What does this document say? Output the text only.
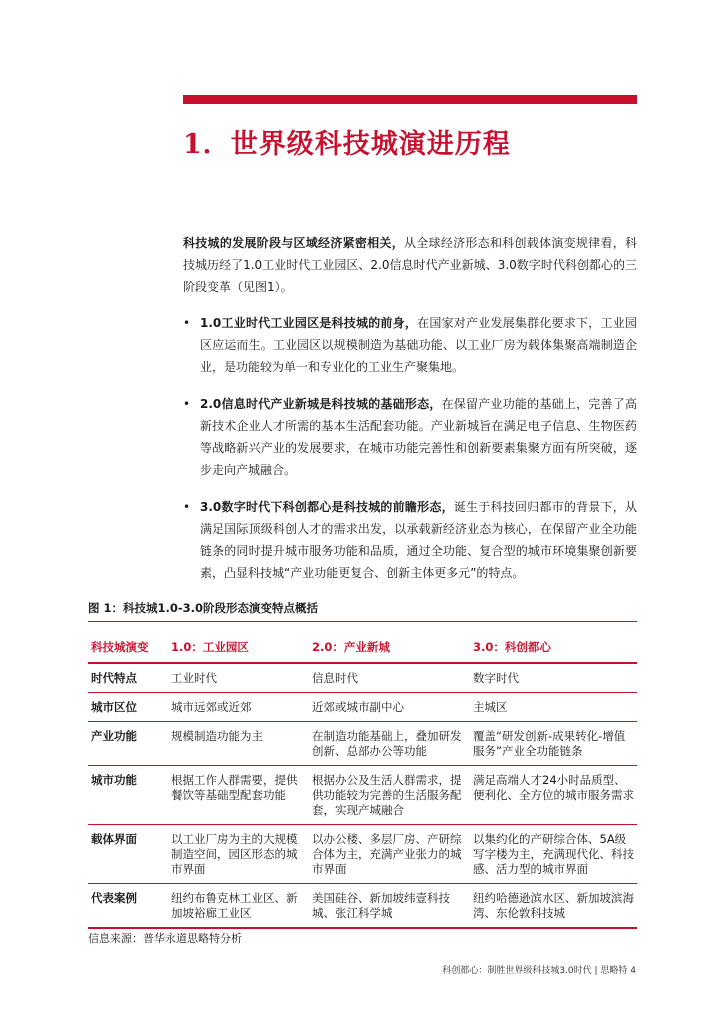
1．世界级科技城演进历程

科技城的发展阶段与区域经济紧密相关，从全球经济形态和科创载体演变规律看，科技城历经了1.0工业时代工业园区、2.0信息时代产业新城、3.0数字时代科创都心的三阶段变革（见图1）。

• 1.0工业时代工业园区是科技城的前身，在国家对产业发展集群化要求下，工业园区应运而生。工业园区以规模制造为基础功能、以工业厂房为载体集聚高端制造企业，是功能较为单一和专业化的工业生产聚集地。
• 2.0信息时代产业新城是科技城的基础形态，在保留产业功能的基础上，完善了高新技术企业人才所需的基本生活配套功能。产业新城旨在满足电子信息、生物医药等战略新兴产业的发展要求，在城市功能完善性和创新要素集聚方面有所突破，逐步走向产城融合。
• 3.0数字时代下科创都心是科技城的前瞻形态，诞生于科技回归都市的背景下，从满足国际顶级科创人才的需求出发，以承载新经济业态为核心，在保留产业全功能链条的同时提升城市服务功能和品质，通过全功能、复合型的城市环境集聚创新要素，凸显科技城“产业功能更复合、创新主体更多元”的特点。
图 1：科技城1.0-3.0阶段形态演变特点概括
科技城演变	1.0：工业园区	2.0：产业新城	3.0：科创都心
时代特点	工业时代	信息时代	数字时代
城市区位	城市远郊或近郊	近郊或城市副中心	主城区
产业功能	规模制造功能为主	在制造功能基础上，叠加研发创新、总部办公等功能	覆盖“研发创新-成果转化-增值服务”产业全功能链条
城市功能	根据工作人群需要，提供餐饮等基础型配套功能	根据办公及生活人群需求，提供功能较为完善的生活服务配套，实现产城融合	满足高端人才24小时品质型、便利化、全方位的城市服务需求
载体界面	以工业厂房为主的大规模制造空间，园区形态的城市界面	以办公楼、多层厂房、产研综合体为主，充满产业张力的城市界面	以集约化的产研综合体、5A级写字楼为主，充满现代化、科技感、活力型的城市界面
代表案例	纽约布鲁克林工业区、新加坡裕廊工业区	美国硅谷、新加坡纬壹科技城、张江科学城	纽约哈德逊滨水区、新加坡滨海湾、东伦敦科技城
信息来源：普华永道思略特分析
科创都心：制胜世界级科技城3.0时代 | 思略特 4
